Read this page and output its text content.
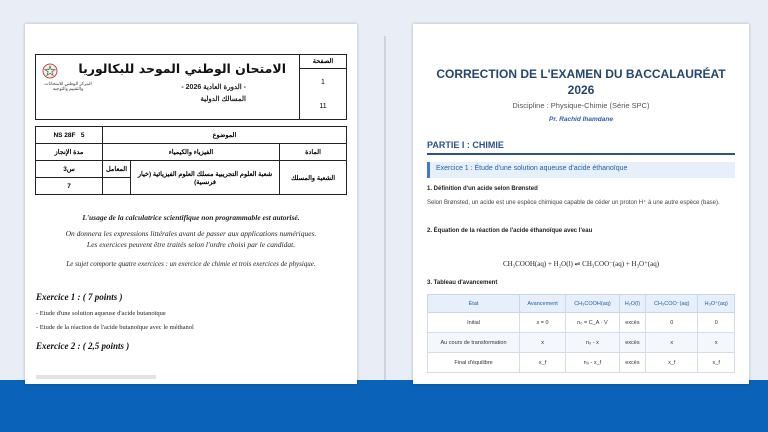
الصفحة
1
11
الامتحان الوطني الموحد للبكالوريا
- الدورة العادية 2026 -
المسالك الدولية
المركز الوطني للامتحانات والتقييم والتوجيه
NS 28F 5	الموضوع		
مدة الإنجاز	الفيزياء والكيمياء		المادة
3س	المعامل	شعبة العلوم التجريبية مسلك العلوم الفيزيائية (خيار فرنسية)	الشعبة والمسلك
7			
L'usage de la calculatrice scientifique non programmable est autorisé.
On donnera les expressions littérales avant de passer aux applications numériques.
Les exercices peuvent être traités selon l'ordre choisi par le candidat.
Le sujet comporte quatre exercices : un exercice de chimie et trois exercices de physique.
Exercice 1 : ( 7 points )
- Etude d'une solution aqueuse d'acide butanoïque
- Etude de la réaction de l'acide butanoïque avec le méthanol
Exercice 2 : ( 2,5 points )
CORRECTION DE L'EXAMEN DU BACCALAURÉAT
2026
Discipline : Physique-Chimie (Série SPC)
Pr. Rachid Ihamdane
PARTIE I : CHIMIE
Exercice 1 : Étude d'une solution aqueuse d'acide éthanoïque
1. Définition d'un acide selon Brønsted
Selon Brønsted, un acide est une espèce chimique capable de céder un proton H⁺ à une autre espèce (base).
2. Équation de la réaction de l'acide éthanoïque avec l'eau
CH₃COOH(aq) + H₂O(l) ⇌ CH₃COO⁻(aq) + H₃O⁺(aq)
3. Tableau d'avancement
État	Avancement	CH₃COOH(aq)	H₂O(l)	CH₃COO⁻(aq)	H₃O⁺(aq)
Initial	x = 0	n₀ = C_A · V	excès	0	0
Au cours de transformation	x	n₀ - x	excès	x	x
Final d'équilibre	x_f	n₀ - x_f	excès	x_f	x_f
